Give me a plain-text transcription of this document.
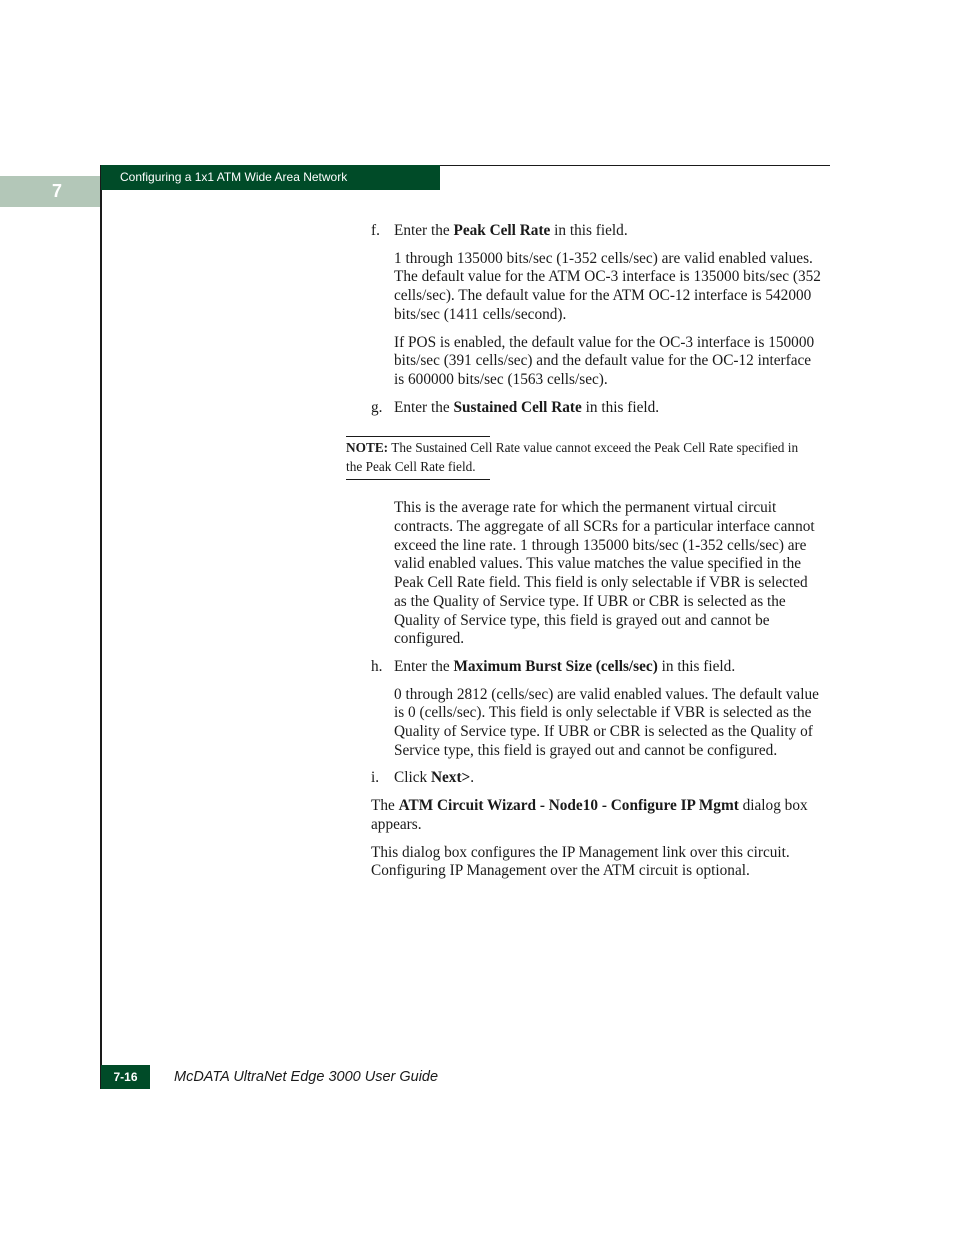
7
Configuring a 1x1 ATM Wide Area Network
f. Enter the Peak Cell Rate in this field.

1 through 135000 bits/sec (1-352 cells/sec) are valid enabled values. The default value for the ATM OC-3 interface is 135000 bits/sec (352 cells/sec). The default value for the ATM OC-12 interface is 542000 bits/sec (1411 cells/second).

If POS is enabled, the default value for the OC-3 interface is 150000 bits/sec (391 cells/sec) and the default value for the OC-12 interface is 600000 bits/sec (1563 cells/sec).

g. Enter the Sustained Cell Rate in this field.
NOTE: The Sustained Cell Rate value cannot exceed the Peak Cell Rate specified in the Peak Cell Rate field.

This is the average rate for which the permanent virtual circuit contracts. The aggregate of all SCRs for a particular interface cannot exceed the line rate. 1 through 135000 bits/sec (1-352 cells/sec) are valid enabled values. This value matches the value specified in the Peak Cell Rate field. This field is only selectable if VBR is selected as the Quality of Service type. If UBR or CBR is selected as the Quality of Service type, this field is grayed out and cannot be configured.

h. Enter the Maximum Burst Size (cells/sec) in this field.

0 through 2812 (cells/sec) are valid enabled values. The default value is 0 (cells/sec). This field is only selectable if VBR is selected as the Quality of Service type. If UBR or CBR is selected as the Quality of Service type, this field is grayed out and cannot be configured.

i. Click Next>.

The ATM Circuit Wizard - Node10 - Configure IP Mgmt dialog box appears.

This dialog box configures the IP Management link over this circuit. Configuring IP Management over the ATM circuit is optional.

7-16	McDATA UltraNet Edge 3000 User Guide
